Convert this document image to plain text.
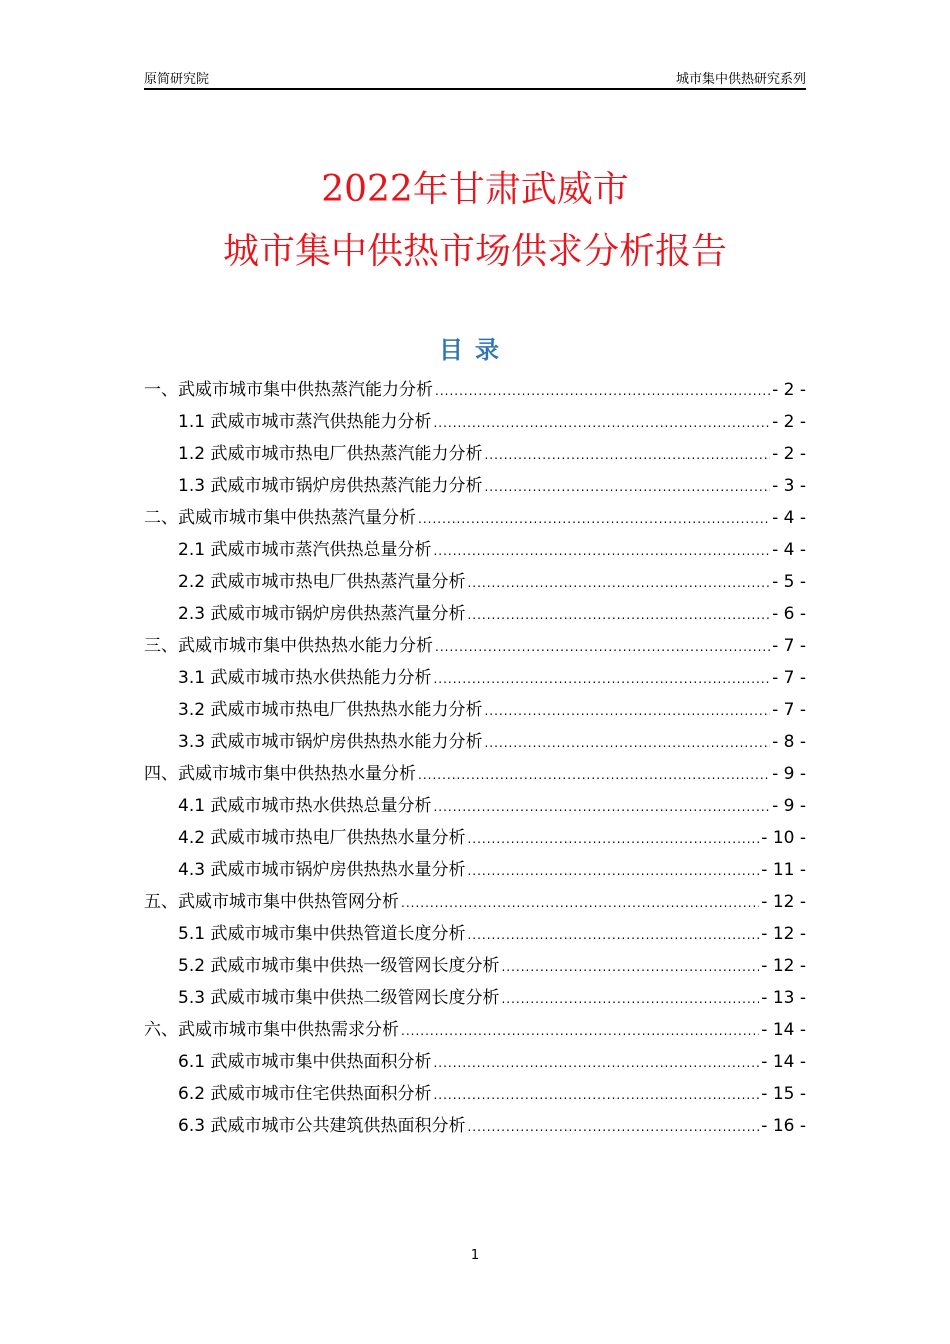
原简研究院	城市集中供热研究系列
2022年甘肃武威市
城市集中供热市场供求分析报告
目录
一、武威市城市集中供热蒸汽能力分析 .....	- 2 -
1.1 武威市城市蒸汽供热能力分析 .....	- 2 -
1.2 武威市城市热电厂供热蒸汽能力分析 .....	- 2 -
1.3 武威市城市锅炉房供热蒸汽能力分析 .....	- 3 -
二、武威市城市集中供热蒸汽量分析 .....	- 4 -
2.1 武威市城市蒸汽供热总量分析 .....	- 4 -
2.2 武威市城市热电厂供热蒸汽量分析 .....	- 5 -
2.3 武威市城市锅炉房供热蒸汽量分析 .....	- 6 -
三、武威市城市集中供热热水能力分析 .....	- 7 -
3.1 武威市城市热水供热能力分析 .....	- 7 -
3.2 武威市城市热电厂供热热水能力分析 .....	- 7 -
3.3 武威市城市锅炉房供热热水能力分析 .....	- 8 -
四、武威市城市集中供热热水量分析 .....	- 9 -
4.1 武威市城市热水供热总量分析 .....	- 9 -
4.2 武威市城市热电厂供热热水量分析 .....	- 10 -
4.3 武威市城市锅炉房供热热水量分析 .....	- 11 -
五、武威市城市集中供热管网分析 .....	- 12 -
5.1 武威市城市集中供热管道长度分析 .....	- 12 -
5.2 武威市城市集中供热一级管网长度分析 .....	- 12 -
5.3 武威市城市集中供热二级管网长度分析 .....	- 13 -
六、武威市城市集中供热需求分析 .....	- 14 -
6.1 武威市城市集中供热面积分析 .....	- 14 -
6.2 武威市城市住宅供热面积分析 .....	- 15 -
6.3 武威市城市公共建筑供热面积分析 .....	- 16 -
1
